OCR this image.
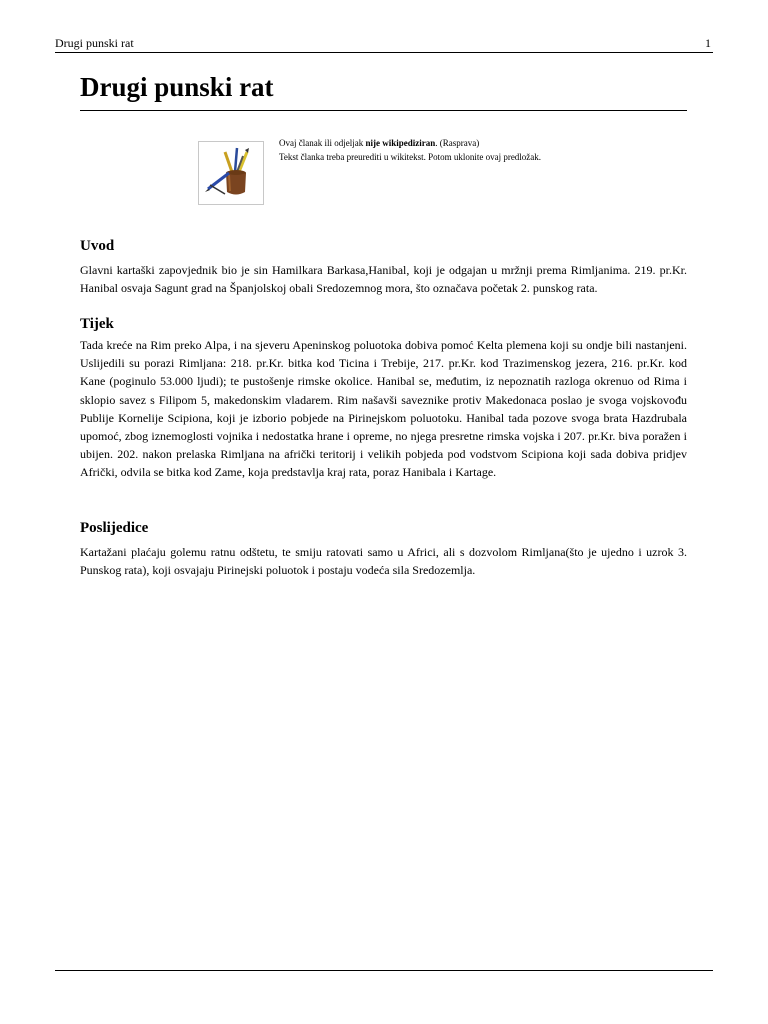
Drugi punski rat	1
Drugi punski rat
Ovaj članak ili odjeljak nije wikipediziran. (Rasprava)
Tekst članka treba preurediti u wikitekst. Potom uklonite ovaj predložak.
Uvod

Glavni kartaški zapovjednik bio je sin Hamilkara Barkasa,Hanibal, koji je odgajan u mržnji prema Rimljanima. 219. pr.Kr. Hanibal osvaja Sagunt grad na Španjolskoj obali Sredozemnog mora, što označava početak 2. punskog rata.

Tijek

Tada kreće na Rim preko Alpa, i na sjeveru Apeninskog poluotoka dobiva pomoć Kelta plemena koji su ondje bili nastanjeni. Uslijedili su porazi Rimljana: 218. pr.Kr. bitka kod Ticina i Trebije, 217. pr.Kr. kod Trazimenskog jezera, 216. pr.Kr. kod Kane (poginulo 53.000 ljudi); te pustošenje rimske okolice. Hanibal se, međutim, iz nepoznatih razloga okrenuo od Rima i sklopio savez s Filipom 5, makedonskim vladarem. Rim našavši saveznike protiv Makedonaca poslao je svoga vojskovođu Publije Kornelije Scipiona, koji je izborio pobjede na Pirinejskom poluotoku. Hanibal tada pozove svoga brata Hazdrubala upomoć, zbog iznemoglosti vojnika i nedostatka hrane i opreme, no njega presretne rimska vojska i 207. pr.Kr. biva poražen i ubijen. 202. nakon prelaska Rimljana na afrički teritorij i velikih pobjeda pod vodstvom Scipiona koji sada dobiva pridjev Afrički, odvila se bitka kod Zame, koja predstavlja kraj rata, poraz Hanibala i Kartage.

Poslijedice

Kartažani plaćaju golemu ratnu odštetu, te smiju ratovati samo u Africi, ali s dozvolom Rimljana(što je ujedno i uzrok 3. Punskog rata), koji osvajaju Pirinejski poluotok i postaju vodeća sila Sredozemlja.
